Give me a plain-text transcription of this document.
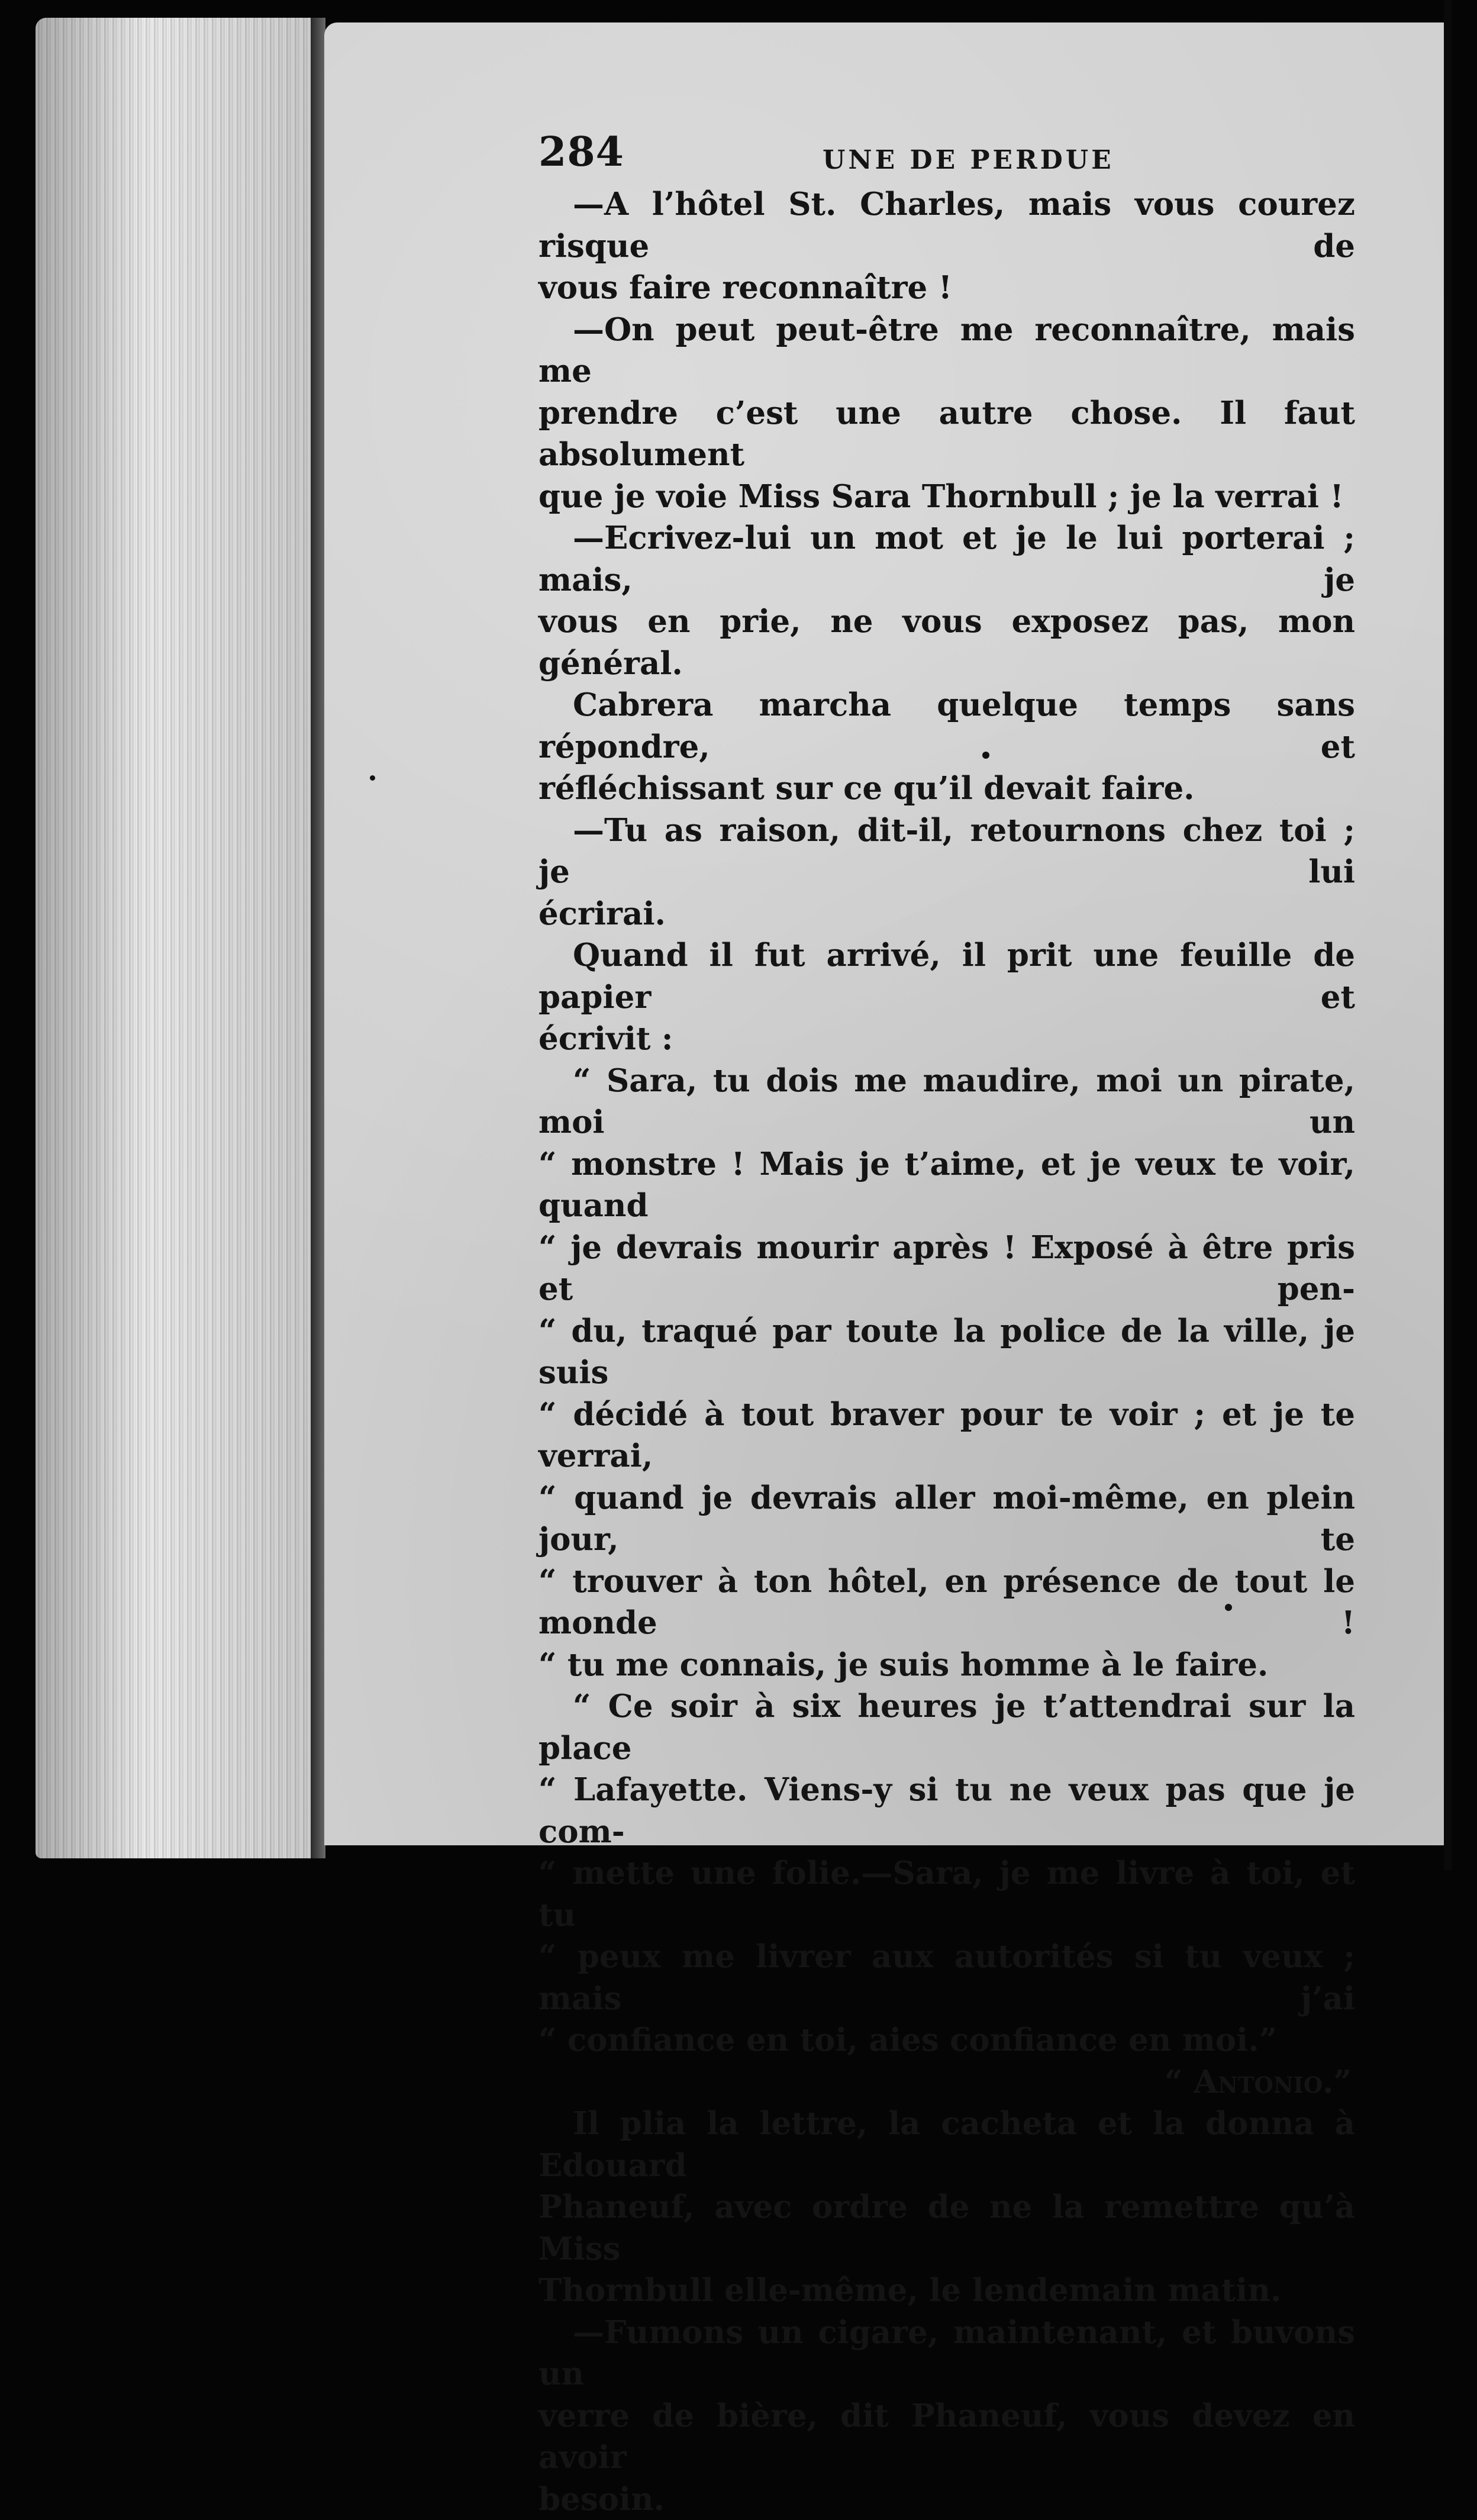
284	UNE DE PERDUE

—A l’hôtel St. Charles, mais vous courez risque de

vous faire reconnaître !

—On peut peut-être me reconnaître, mais me

prendre c’est une autre chose. Il faut absolument

que je voie Miss Sara Thornbull ; je la verrai !

—Ecrivez-lui un mot et je le lui porterai ; mais, je

vous en prie, ne vous exposez pas, mon général.

Cabrera marcha quelque temps sans répondre, et

réfléchissant sur ce qu’il devait faire.

—Tu as raison, dit-il, retournons chez toi ; je lui

écrirai.

Quand il fut arrivé, il prit une feuille de papier et

écrivit :

“ Sara, tu dois me maudire, moi un pirate, moi un

“ monstre ! Mais je t’aime, et je veux te voir, quand

“ je devrais mourir après ! Exposé à être pris et pen-

“ du, traqué par toute la police de la ville, je suis

“ décidé à tout braver pour te voir ; et je te verrai,

“ quand je devrais aller moi-même, en plein jour, te

“ trouver à ton hôtel, en présence de tout le monde !

“ tu me connais, je suis homme à le faire.

“ Ce soir à six heures je t’attendrai sur la place

“ Lafayette. Viens-y si tu ne veux pas que je com-

“ mette une folie.—Sara, je me livre à toi, et tu

“ peux me livrer aux autorités si tu veux ; mais j’ai

“ confiance en toi, aies confiance en moi.”

“ Antonio.”

Il plia la lettre, la cacheta et la donna à Edouard

Phaneuf, avec ordre de ne la remettre qu’à Miss

Thornbull elle-même, le lendemain matin.

—Fumons un cigare, maintenant, et buvons un

verre de bière, dit Phaneuf, vous devez en avoir

besoin.
